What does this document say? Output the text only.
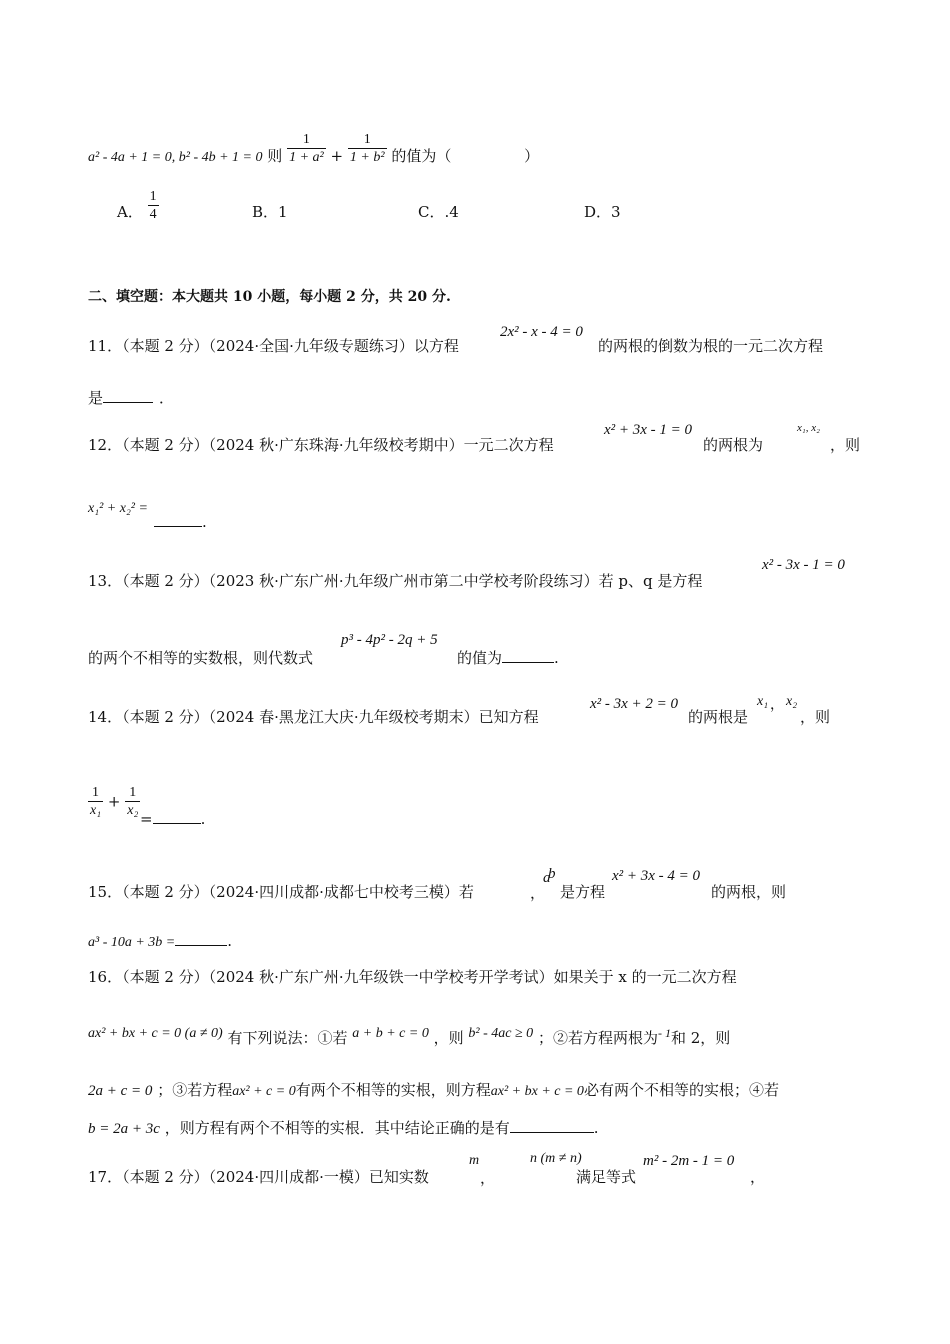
a² - 4a + 1 = 0, b² - 4b + 1 = 0 则 $\frac{1}{\text{1 + a²}} + \frac{1}{\text{1 + b²}}$ 的值为（	）
A． $\frac{1}{4}$	B．1	C．.4	D．3
二、填空题：本大题共 10 小题，每小题 2 分，共 20 分.
11．（本题 2 分）（2024·全国·九年级专题练习）以方程
2x² - x - 4 = 0
的两根的倒数为根的一元二次方程
是	．
12．（本题 2 分）（2024 秋·广东珠海·九年级校考期中）一元二次方程
x² + 3x - 1 = 0
的两根为
x₁, x₂
，则
x₁² + x₂² =
.
13．（本题 2 分）（2023 秋·广东广州·九年级广州市第二中学校考阶段练习）若 p、q 是方程
x² - 3x - 1 = 0
的两个不相等的实数根，则代数式
p³ - 4p² - 2q + 5
的值为	.
14．（本题 2 分）（2024 春·黑龙江大庆·九年级校考期末）已知方程
x² - 3x + 2 = 0
的两根是
x₁ ， x₂
，则
$\frac{1}{\text{x₁}} + \frac{1}{\text{x₂}}$ =	.
15．（本题 2 分）（2024·四川成都·成都七中校考三模）若
a
，
b
是方程
x² + 3x - 4 = 0
的两根，则
a³ - 10a + 3b =	.
16．（本题 2 分）（2024 秋·广东广州·九年级铁一中学校考开学考试）如果关于 x 的一元二次方程
ax² + bx + c = 0 (a ≠ 0) 有下列说法：①若 a + b + c = 0 ，则 b² - 4ac ≥ 0 ；②若方程两根为$^{- 1}$和 2，则
2a + c = 0 ；③若方程ax² + c = 0有两个不相等的实根，则方程ax² + bx + c = 0必有两个不相等的实根；④若
b = 2a + 3c ，则方程有两个不相等的实根．其中结论正确的是有	.
17．（本题 2 分）（2024·四川成都·一模）已知实数
m
，
n (m ≠ n)
满足等式
m² - 2m - 1 = 0
，
